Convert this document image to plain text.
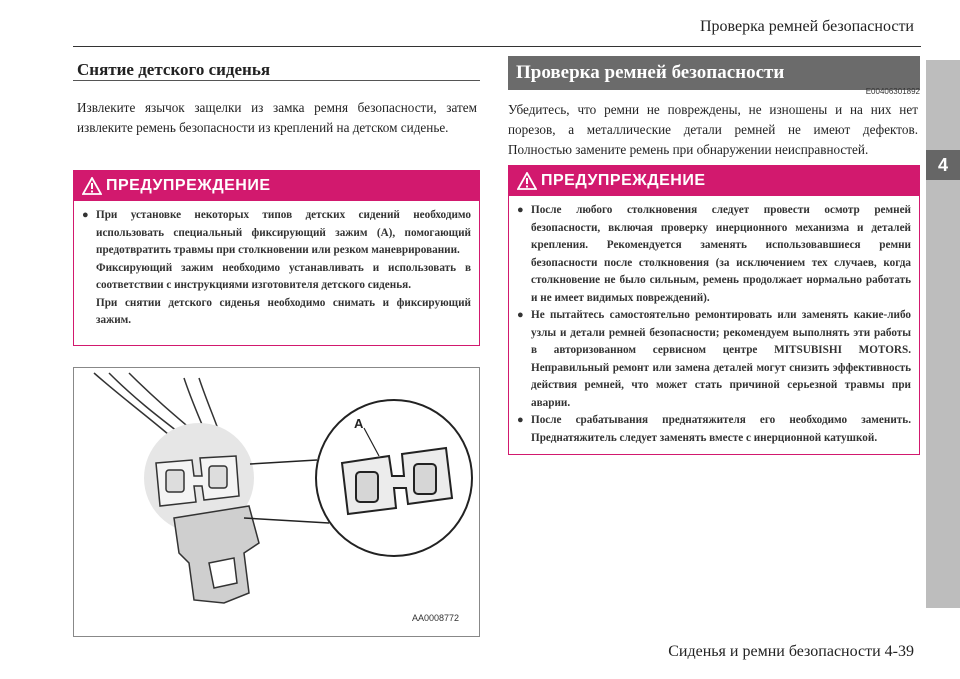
Проверка ремней безопасности
4
Снятие детского сиденья
Извлеките язычок защелки из замка ремня безопасности, затем извлеките ремень безопасности из креплений на детском сиденье.
ПРЕДУПРЕЖДЕНИЕ
● При установке некоторых типов детских сидений необходимо использовать специальный фиксирующий зажим (А), помогающий предотвратить травмы при столкновении или резком маневрировании.

Фиксирующий зажим необходимо устанавливать и использовать в соответствии с инструкциями изготовителя детского сиденья.

При снятии детского сиденья необходимо снимать и фиксирующий зажим.

A
AA0008772
Проверка ремней безопасности
E00406301892
Убедитесь, что ремни не повреждены, не изношены и на них нет порезов, а металлические детали ремней не имеют дефектов. Полностью замените ремень при обнаружении неисправностей.
ПРЕДУПРЕЖДЕНИЕ
● После любого столкновения следует провести осмотр ремней безопасности, включая проверку инерционного механизма и деталей крепления. Рекомендуется заменять использовавшиеся ремни безопасности после столкновения (за исключением тех случаев, когда столкновение не было сильным, ремень продолжает нормально работать и не имеет видимых повреждений).

● Не пытайтесь самостоятельно ремонтировать или заменять какие-либо узлы и детали ремней безопасности; рекомендуем выполнять эти работы в авторизованном сервисном центре MITSUBISHI MOTORS. Неправильный ремонт или замена деталей могут снизить эффективность действия ремней, что может стать причиной серьезной травмы при аварии.

● После срабатывания преднатяжителя его необходимо заменить. Преднатяжитель следует заменять вместе с инерционной катушкой.

Сиденья и ремни безопасности 4-39
